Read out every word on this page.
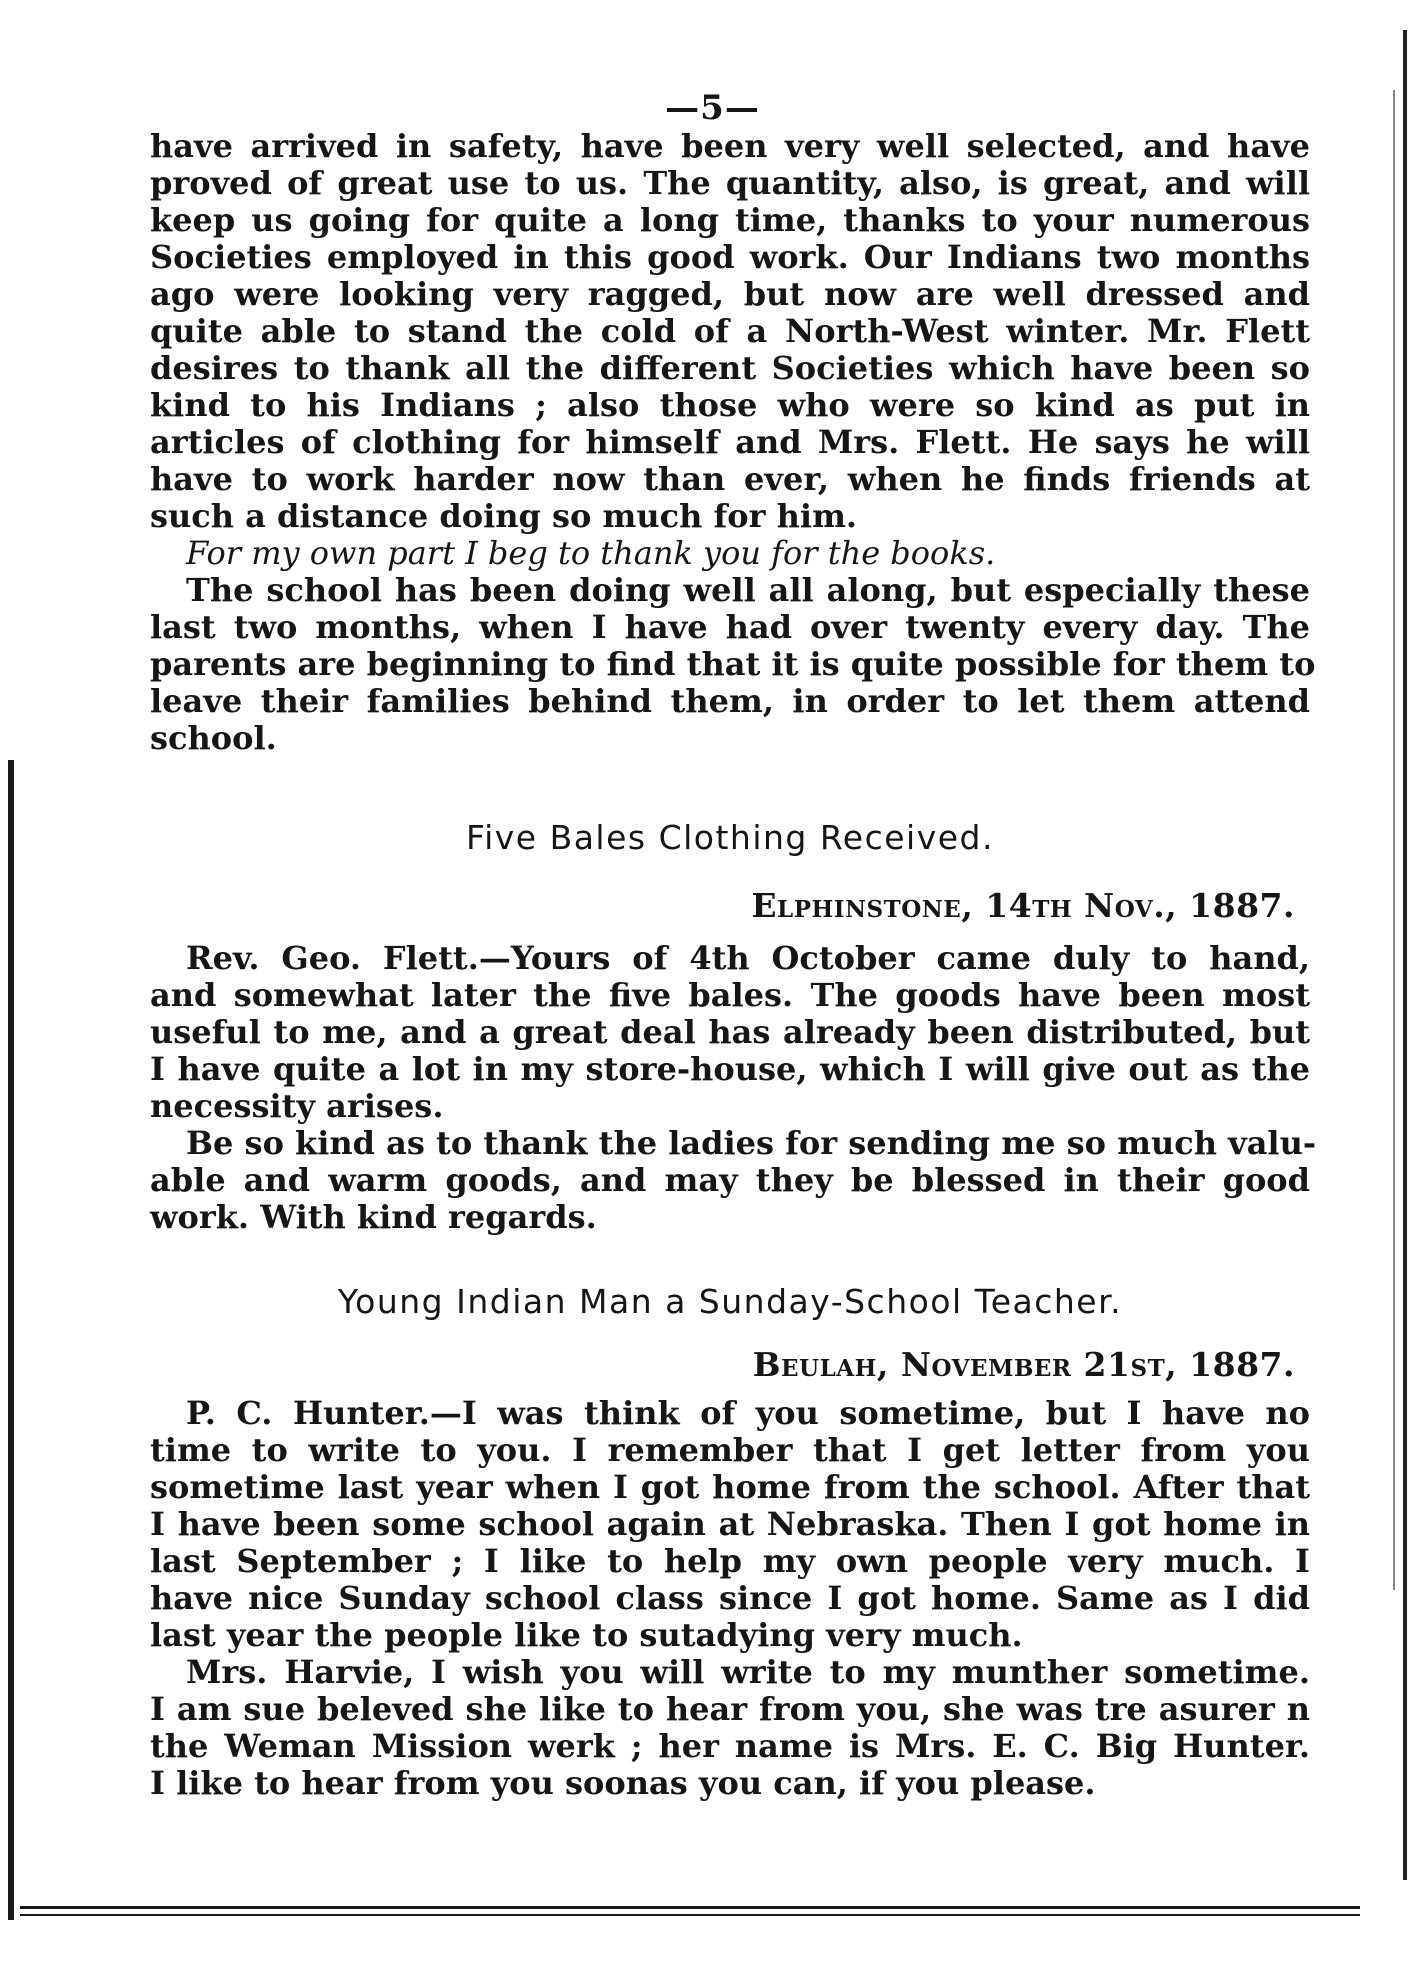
—5—
have arrived in safety, have been very well selected, and have
proved of great use to us. The quantity, also, is great, and will
keep us going for quite a long time, thanks to your numerous
Societies employed in this good work. Our Indians two months
ago were looking very ragged, but now are well dressed and
quite able to stand the cold of a North-West winter. Mr. Flett
desires to thank all the different Societies which have been so
kind to his Indians ; also those who were so kind as put in
articles of clothing for himself and Mrs. Flett. He says he will
have to work harder now than ever, when he finds friends at
such a distance doing so much for him.
For my own part I beg to thank you for the books.
The school has been doing well all along, but especially these
last two months, when I have had over twenty every day. The
parents are beginning to find that it is quite possible for them to
leave their families behind them, in order to let them attend
school.
Five Bales Clothing Received.
Elphinstone, 14th Nov., 1887.
Rev. Geo. Flett.—Yours of 4th October came duly to hand,
and somewhat later the five bales. The goods have been most
useful to me, and a great deal has already been distributed, but
I have quite a lot in my store-house, which I will give out as the
necessity arises.
Be so kind as to thank the ladies for sending me so much valu-
able and warm goods, and may they be blessed in their good
work. With kind regards.
Young Indian Man a Sunday-School Teacher.
Beulah, November 21st, 1887.
P. C. Hunter.—I was think of you sometime, but I have no
time to write to you. I remember that I get letter from you
sometime last year when I got home from the school. After that
I have been some school again at Nebraska. Then I got home in
last September ; I like to help my own people very much. I
have nice Sunday school class since I got home. Same as I did
last year the people like to sutadying very much.
Mrs. Harvie, I wish you will write to my munther sometime.
I am sue beleved she like to hear from you, she was tre asurer n
the Weman Mission werk ; her name is Mrs. E. C. Big Hunter.
I like to hear from you soonas you can, if you please.
